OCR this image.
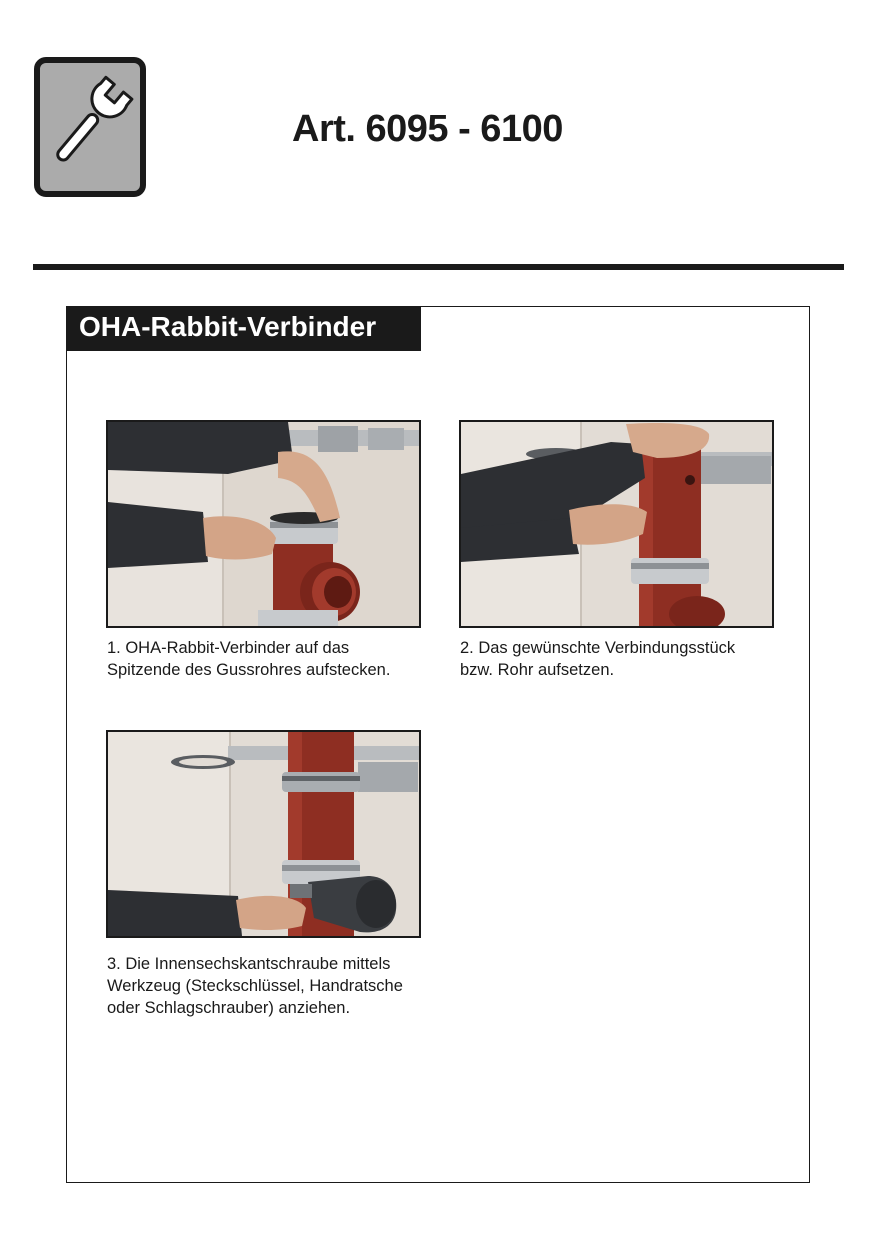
Art. 6095 - 6100
OHA-Rabbit-Verbinder
1. OHA-Rabbit-Verbinder auf das
Spitzende des Gussrohres aufstecken.
2. Das gewünschte Verbindungsstück
bzw. Rohr aufsetzen.
3. Die Innensechskantschraube mittels
Werkzeug (Steckschlüssel, Handratsche
oder Schlagschrauber) anziehen.
